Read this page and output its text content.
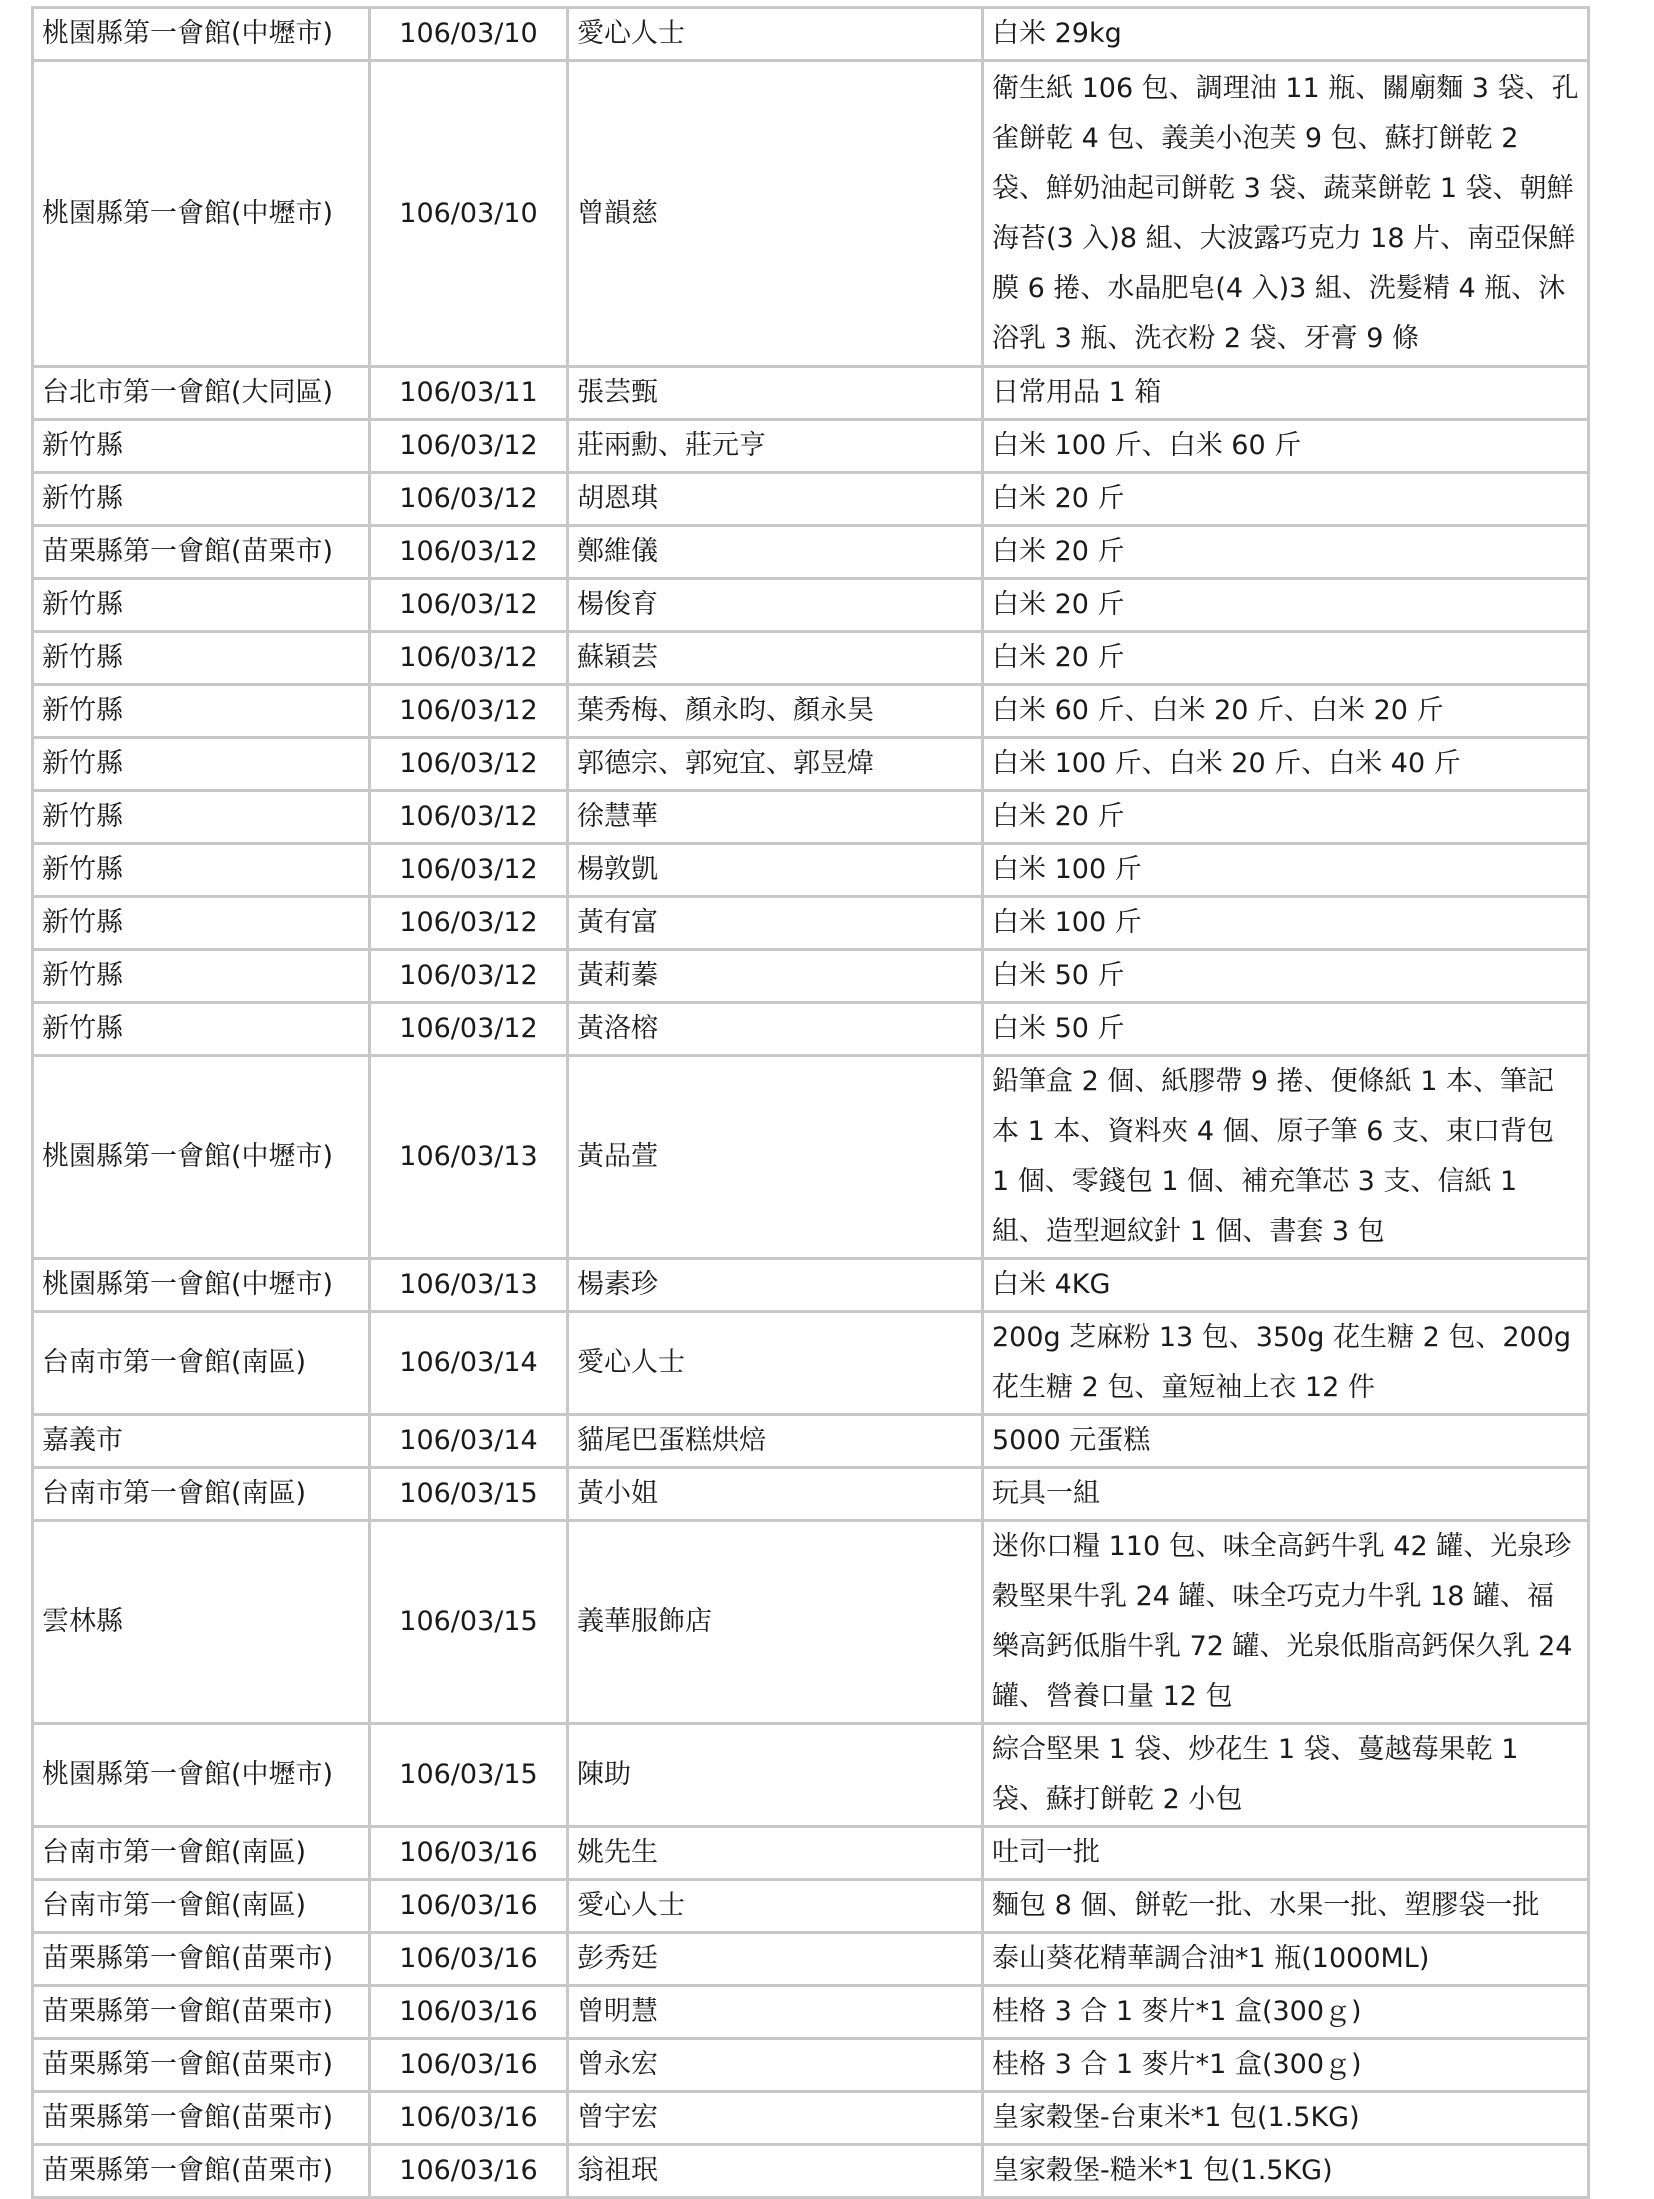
桃園縣第一會館(中壢市)	106/03/10	愛心人士	白米 29kg
桃園縣第一會館(中壢市)	106/03/10	曾韻慈	衛生紙 106 包、調理油 11 瓶、關廟麵 3 袋、孔雀餅乾 4 包、義美小泡芙 9 包、蘇打餅乾 2 袋、鮮奶油起司餅乾 3 袋、蔬菜餅乾 1 袋、朝鮮海苔(3 入)8 組、大波露巧克力 18 片、南亞保鮮膜 6 捲、水晶肥皂(4 入)3 組、洗髮精 4 瓶、沐浴乳 3 瓶、洗衣粉 2 袋、牙膏 9 條
台北市第一會館(大同區)	106/03/11	張芸甄	日常用品 1 箱
新竹縣	106/03/12	莊兩勳、莊元亨	白米 100 斤、白米 60 斤
新竹縣	106/03/12	胡恩琪	白米 20 斤
苗栗縣第一會館(苗栗市)	106/03/12	鄭維儀	白米 20 斤
新竹縣	106/03/12	楊俊育	白米 20 斤
新竹縣	106/03/12	蘇穎芸	白米 20 斤
新竹縣	106/03/12	葉秀梅、顏永昀、顏永昊	白米 60 斤、白米 20 斤、白米 20 斤
新竹縣	106/03/12	郭德宗、郭宛宜、郭昱煒	白米 100 斤、白米 20 斤、白米 40 斤
新竹縣	106/03/12	徐慧華	白米 20 斤
新竹縣	106/03/12	楊敦凱	白米 100 斤
新竹縣	106/03/12	黃有富	白米 100 斤
新竹縣	106/03/12	黃莉蓁	白米 50 斤
新竹縣	106/03/12	黃洛榕	白米 50 斤
桃園縣第一會館(中壢市)	106/03/13	黃品萱	鉛筆盒 2 個、紙膠帶 9 捲、便條紙 1 本、筆記本 1 本、資料夾 4 個、原子筆 6 支、束口背包 1 個、零錢包 1 個、補充筆芯 3 支、信紙 1 組、造型迴紋針 1 個、書套 3 包
桃園縣第一會館(中壢市)	106/03/13	楊素珍	白米 4KG
台南市第一會館(南區)	106/03/14	愛心人士	200g 芝麻粉 13 包、350g 花生糖 2 包、200g 花生糖 2 包、童短袖上衣 12 件
嘉義市	106/03/14	貓尾巴蛋糕烘焙	5000 元蛋糕
台南市第一會館(南區)	106/03/15	黃小姐	玩具一組
雲林縣	106/03/15	義華服飾店	迷你口糧 110 包、味全高鈣牛乳 42 罐、光泉珍穀堅果牛乳 24 罐、味全巧克力牛乳 18 罐、福樂高鈣低脂牛乳 72 罐、光泉低脂高鈣保久乳 24 罐、營養口量 12 包
桃園縣第一會館(中壢市)	106/03/15	陳助	綜合堅果 1 袋、炒花生 1 袋、蔓越莓果乾 1 袋、蘇打餅乾 2 小包
台南市第一會館(南區)	106/03/16	姚先生	吐司一批
台南市第一會館(南區)	106/03/16	愛心人士	麵包 8 個、餅乾一批、水果一批、塑膠袋一批
苗栗縣第一會館(苗栗市)	106/03/16	彭秀廷	泰山葵花精華調合油*1 瓶(1000ML)
苗栗縣第一會館(苗栗市)	106/03/16	曾明慧	桂格 3 合 1 麥片*1 盒(300ｇ)
苗栗縣第一會館(苗栗市)	106/03/16	曾永宏	桂格 3 合 1 麥片*1 盒(300ｇ)
苗栗縣第一會館(苗栗市)	106/03/16	曾宇宏	皇家穀堡-台東米*1 包(1.5KG)
苗栗縣第一會館(苗栗市)	106/03/16	翁祖珉	皇家穀堡-糙米*1 包(1.5KG)
